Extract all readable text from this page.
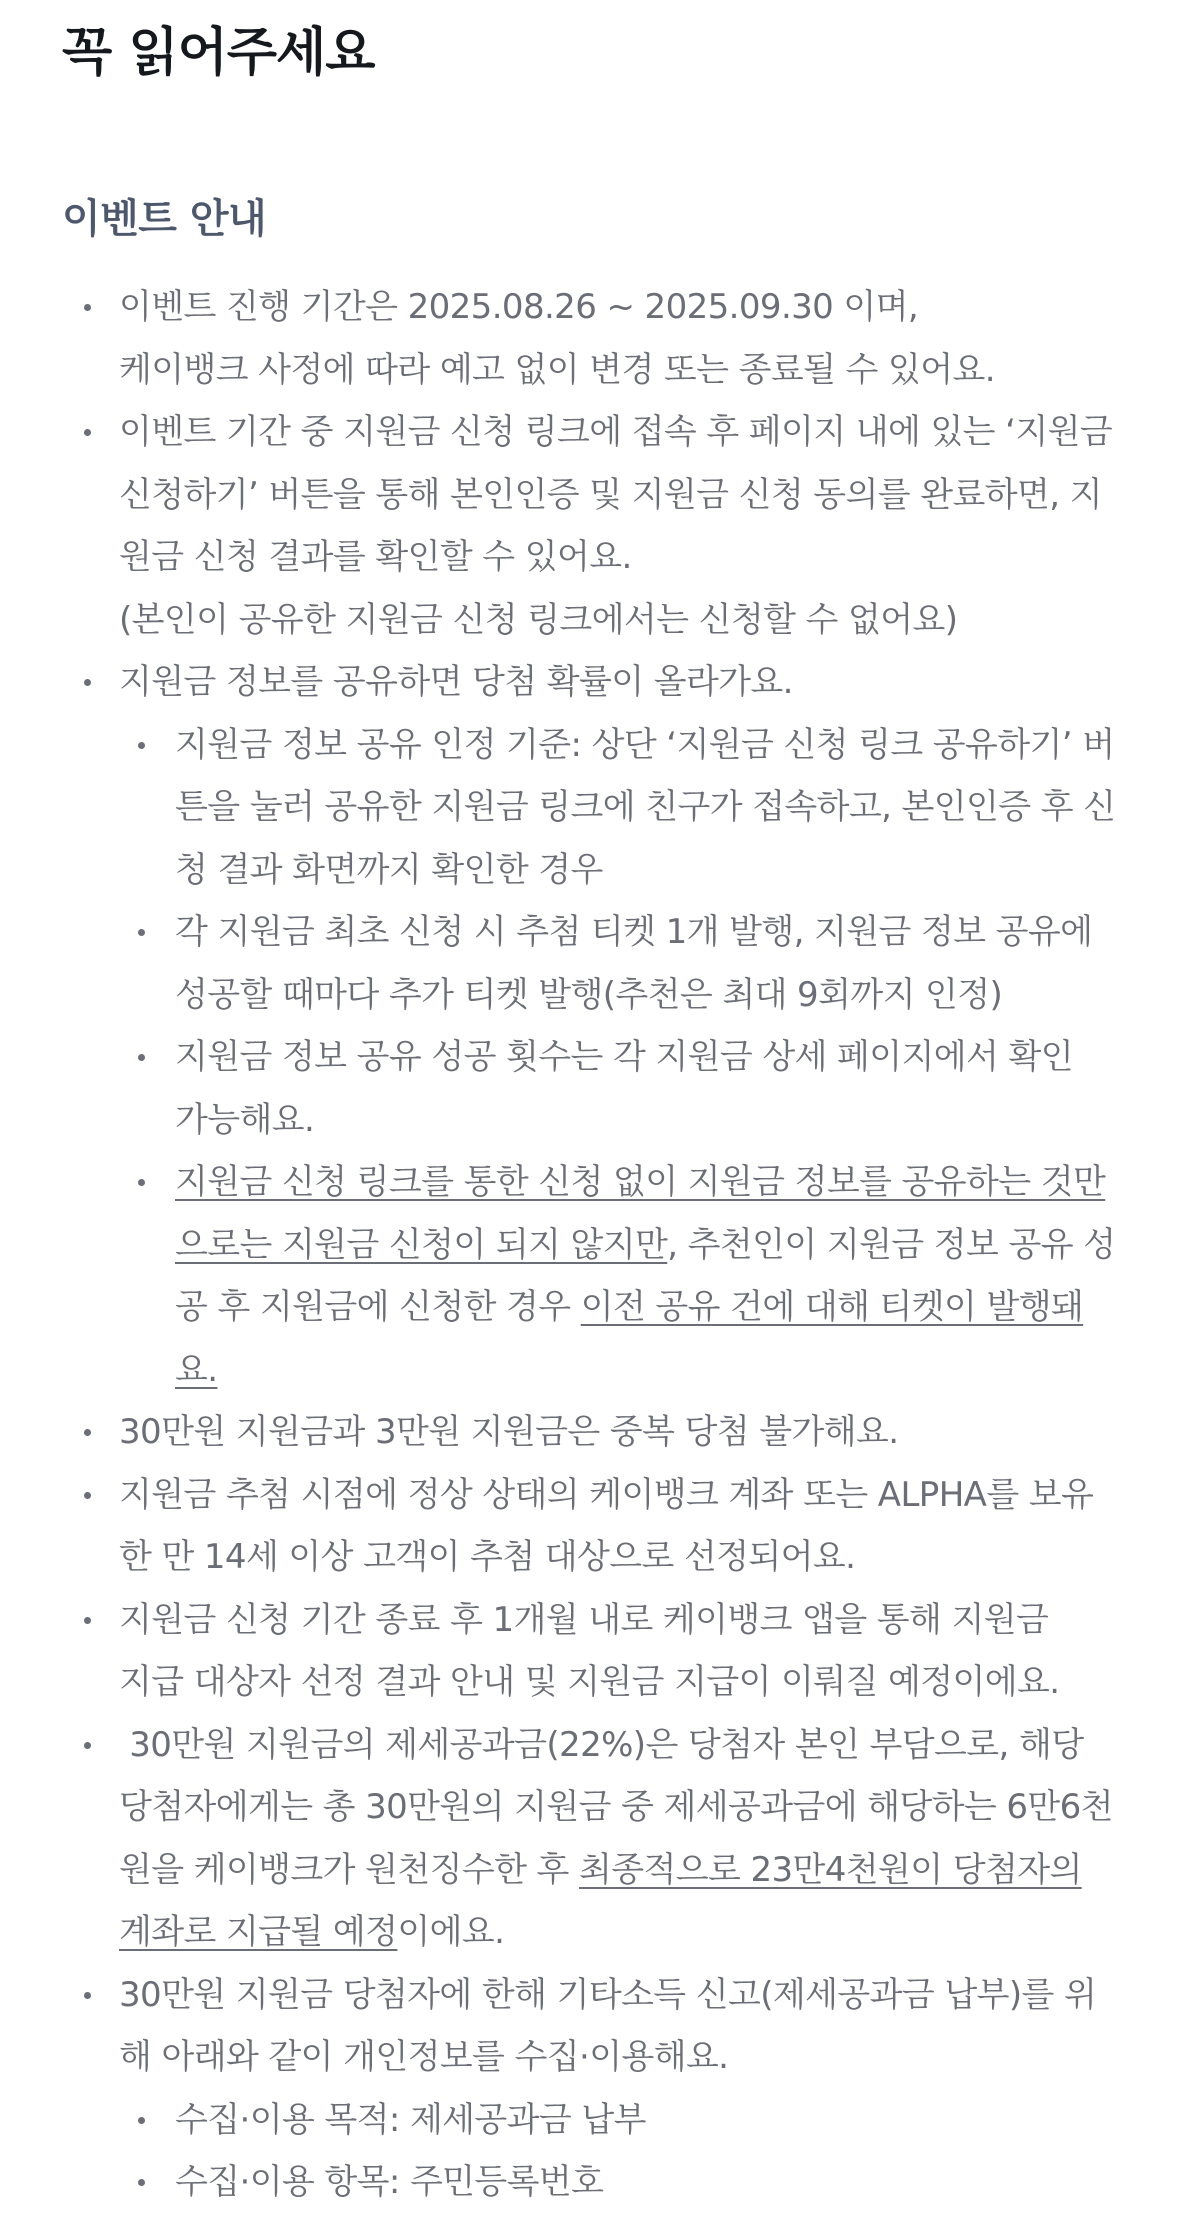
꼭 읽어주세요
이벤트 안내
이벤트 진행 기간은 2025.08.26 ~ 2025.09.30 이며,
케이뱅크 사정에 따라 예고 없이 변경 또는 종료될 수 있어요.
이벤트 기간 중 지원금 신청 링크에 접속 후 페이지 내에 있는 ‘지원금
신청하기’ 버튼을 통해 본인인증 및 지원금 신청 동의를 완료하면, 지
원금 신청 결과를 확인할 수 있어요.
(본인이 공유한 지원금 신청 링크에서는 신청할 수 없어요)
지원금 정보를 공유하면 당첨 확률이 올라가요.
지원금 정보 공유 인정 기준: 상단 ‘지원금 신청 링크 공유하기’ 버
튼을 눌러 공유한 지원금 링크에 친구가 접속하고, 본인인증 후 신
청 결과 화면까지 확인한 경우
각 지원금 최초 신청 시 추첨 티켓 1개 발행, 지원금 정보 공유에
성공할 때마다 추가 티켓 발행(추천은 최대 9회까지 인정)
지원금 정보 공유 성공 횟수는 각 지원금 상세 페이지에서 확인
가능해요.
지원금 신청 링크를 통한 신청 없이 지원금 정보를 공유하는 것만
으로는 지원금 신청이 되지 않지만, 추천인이 지원금 정보 공유 성
공 후 지원금에 신청한 경우 이전 공유 건에 대해 티켓이 발행돼
요.
30만원 지원금과 3만원 지원금은 중복 당첨 불가해요.
지원금 추첨 시점에 정상 상태의 케이뱅크 계좌 또는 ALPHA를 보유
한 만 14세 이상 고객이 추첨 대상으로 선정되어요.
지원금 신청 기간 종료 후 1개월 내로 케이뱅크 앱을 통해 지원금
지급 대상자 선정 결과 안내 및 지원금 지급이 이뤄질 예정이에요.
30만원 지원금의 제세공과금(22%)은 당첨자 본인 부담으로, 해당
당첨자에게는 총 30만원의 지원금 중 제세공과금에 해당하는 6만6천
원을 케이뱅크가 원천징수한 후 최종적으로 23만4천원이 당첨자의
계좌로 지급될 예정이에요.
30만원 지원금 당첨자에 한해 기타소득 신고(제세공과금 납부)를 위
해 아래와 같이 개인정보를 수집·이용해요.
수집·이용 목적: 제세공과금 납부
수집·이용 항목: 주민등록번호
